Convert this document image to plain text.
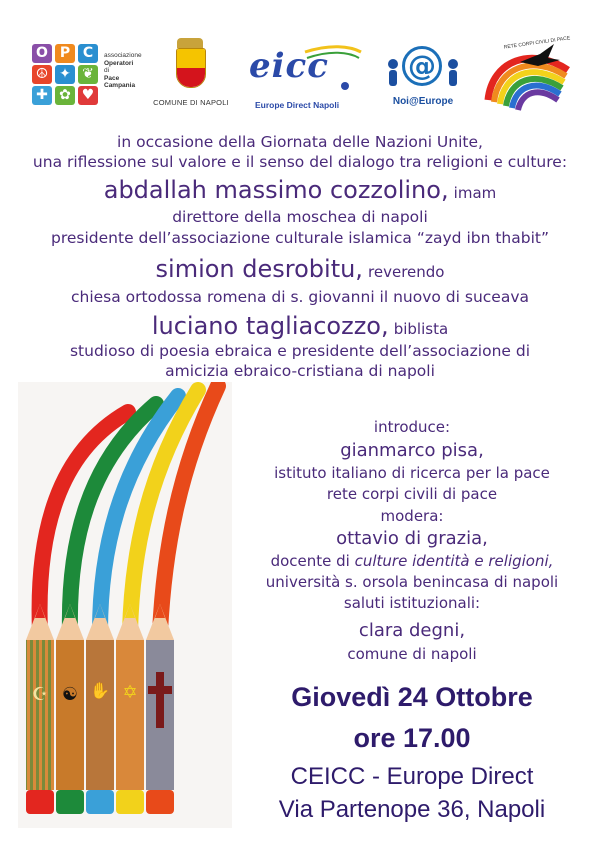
O P C
☮ ✦ ❦
✚ ✿ ♥
associazione
Operatori
di
Pace
Campania
COMUNE DI NAPOLI
eicc
Europe Direct Napoli
@
Noi@Europe
RETE CORPI CIVILI DI PACE
in occasione della Giornata delle Nazioni Unite,
una riflessione sul valore e il senso del dialogo tra religioni e culture:
abdallah massimo cozzolino, imam
direttore della moschea di napoli
presidente dell’associazione culturale islamica “zayd ibn thabit”
simion desrobitu, reverendo
chiesa ortodossa romena di s. giovanni il nuovo di suceava
luciano tagliacozzo, biblista
studioso di poesia ebraica e presidente dell’associazione di
amicizia ebraico-cristiana di napoli
☪ ☯ ✋ ✡
introduce:
gianmarco pisa,
istituto italiano di ricerca per la pace
rete corpi civili di pace
modera:
ottavio di grazia,
docente di culture identità e religioni,
università s. orsola benincasa di napoli
saluti istituzionali:
clara degni,
comune di napoli
Giovedì 24 Ottobre
ore 17.00
CEICC - Europe Direct
Via Partenope 36, Napoli
